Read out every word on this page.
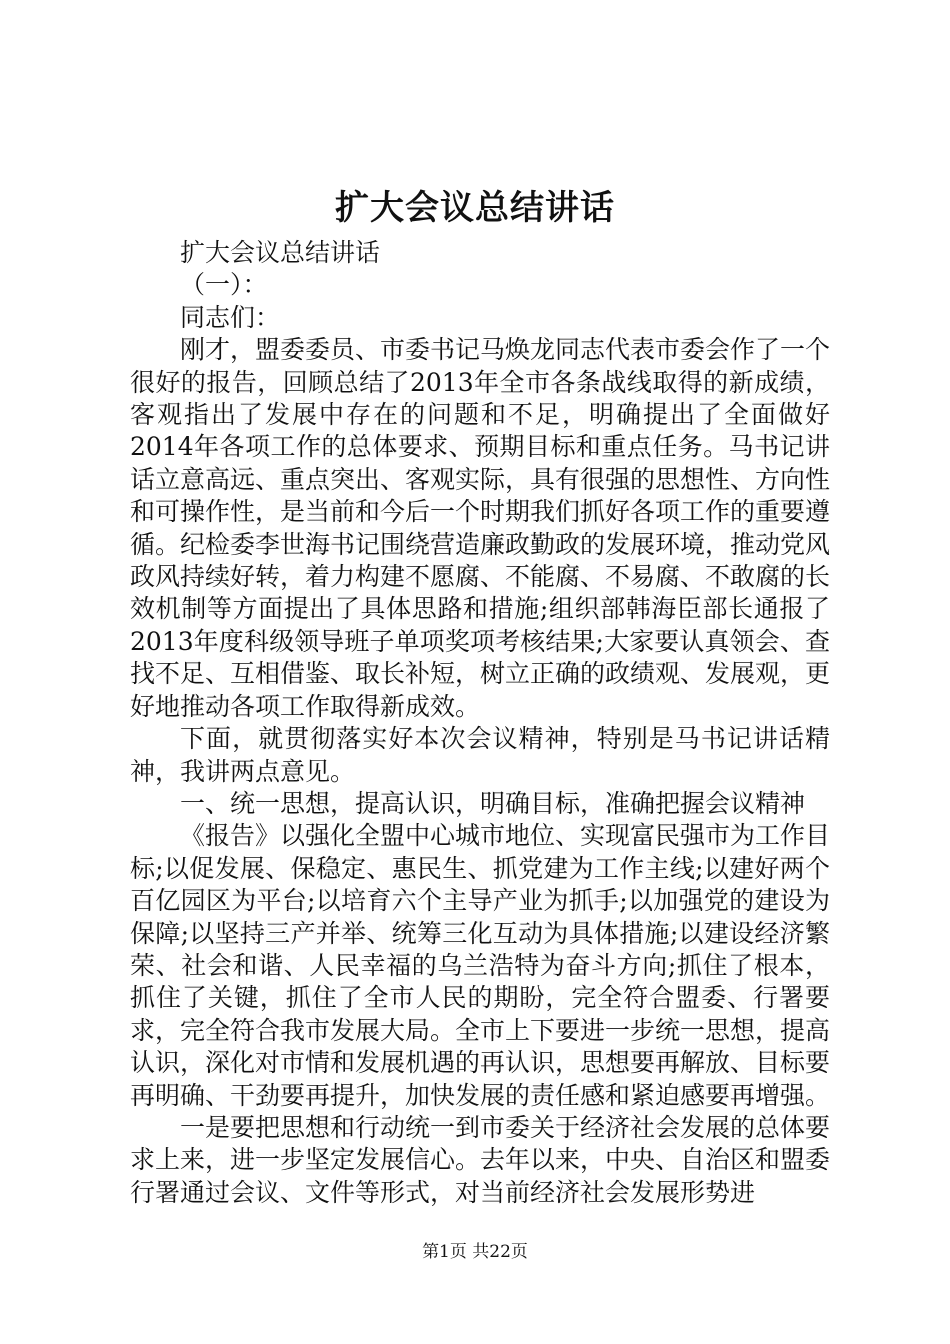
扩大会议总结讲话

扩大会议总结讲话

（一）：

同志们：

刚才，盟委委员、市委书记马焕龙同志代表市委会作了一个很好的报告，回顾总结了2013年全市各条战线取得的新成绩，客观指出了发展中存在的问题和不足，明确提出了全面做好2014年各项工作的总体要求、预期目标和重点任务。马书记讲话立意高远、重点突出、客观实际，具有很强的思想性、方向性和可操作性，是当前和今后一个时期我们抓好各项工作的重要遵循。纪检委李世海书记围绕营造廉政勤政的发展环境，推动党风政风持续好转，着力构建不愿腐、不能腐、不易腐、不敢腐的长效机制等方面提出了具体思路和措施;组织部韩海臣部长通报了2013年度科级领导班子单项奖项考核结果;大家要认真领会、查找不足、互相借鉴、取长补短，树立正确的政绩观、发展观，更好地推动各项工作取得新成效。

下面，就贯彻落实好本次会议精神，特别是马书记讲话精神，我讲两点意见。

一、统一思想，提高认识，明确目标，准确把握会议精神

《报告》以强化全盟中心城市地位、实现富民强市为工作目标;以促发展、保稳定、惠民生、抓党建为工作主线;以建好两个百亿园区为平台;以培育六个主导产业为抓手;以加强党的建设为保障;以坚持三产并举、统筹三化互动为具体措施;以建设经济繁荣、社会和谐、人民幸福的乌兰浩特为奋斗方向;抓住了根本，抓住了关键，抓住了全市人民的期盼，完全符合盟委、行署要求，完全符合我市发展大局。全市上下要进一步统一思想，提高认识，深化对市情和发展机遇的再认识，思想要再解放、目标要再明确、干劲要再提升，加快发展的责任感和紧迫感要再增强。

一是要把思想和行动统一到市委关于经济社会发展的总体要求上来，进一步坚定发展信心。去年以来，中央、自治区和盟委行署通过会议、文件等形式，对当前经济社会发展形势进

第1页 共22页
